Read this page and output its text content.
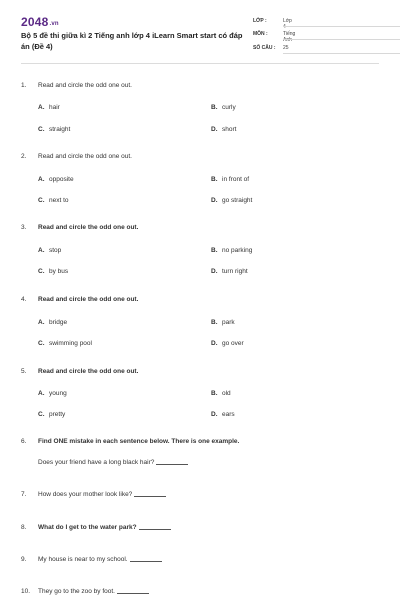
2048.vn
Bộ 5 đề thi giữa kì 2 Tiếng anh lớp 4 iLearn Smart start có đáp án (Đề 4)
LỚP :	Lớp 4
MÔN :	Tiếng Anh
SỐ CÂU :	25
1.	Read and circle the odd one out.
A. hair	B. curly
C. straight	D. short
2.	Read and circle the odd one out.
A. opposite	B. in front of
C. next to	D. go straight
3.	Read and circle the odd one out.
A. stop	B. no parking
C. by bus	D. turn right
4.	Read and circle the odd one out.
A. bridge	B. park
C. swimming pool	D. go over
5.	Read and circle the odd one out.
A. young	B. old
C. pretty	D. ears
6.	Find ONE mistake in each sentence below. There is one example.
Does your friend have a long black hair?
7.	How does your mother look like?
8.	What do I get to the water park?
9.	My house is near to my school.
10.	They go to the zoo by foot.
